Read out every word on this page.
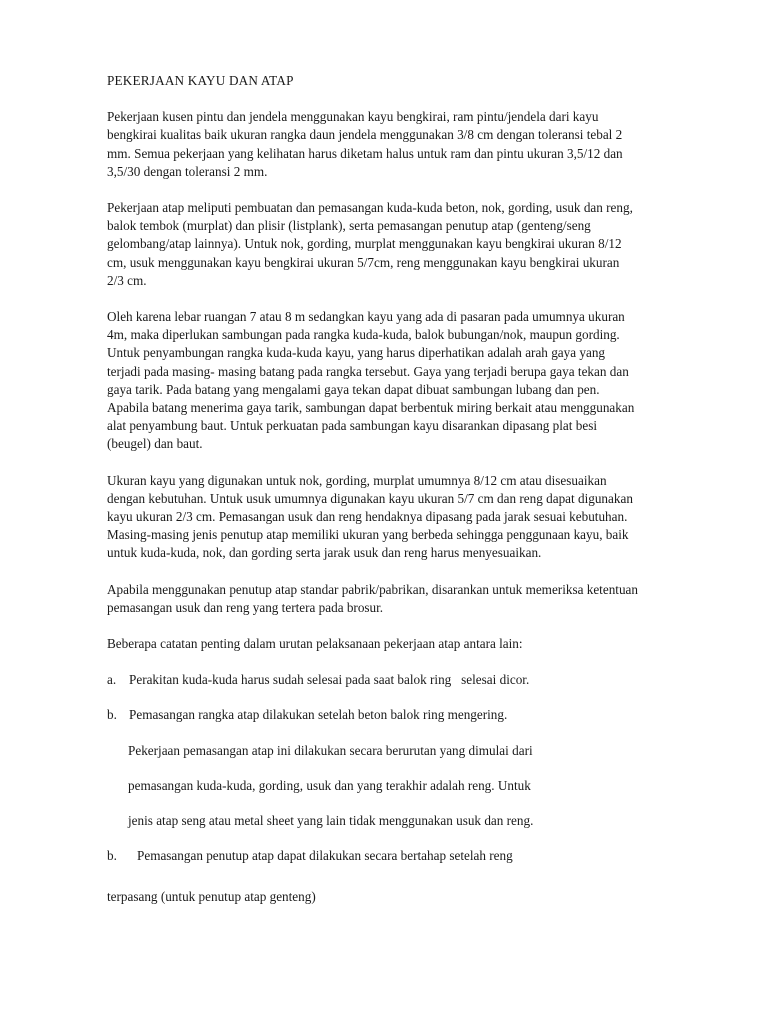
PEKERJAAN KAYU DAN ATAP
Pekerjaan kusen pintu dan jendela menggunakan kayu bengkirai, ram pintu/jendela dari kayu
bengkirai kualitas baik ukuran rangka daun jendela menggunakan 3/8 cm dengan toleransi tebal 2
mm. Semua pekerjaan yang kelihatan harus diketam halus untuk ram dan pintu ukuran 3,5/12 dan
3,5/30 dengan toleransi 2 mm.
Pekerjaan atap meliputi pembuatan dan pemasangan kuda-kuda beton, nok, gording, usuk dan reng,
balok tembok (murplat) dan plisir (listplank), serta pemasangan penutup atap (genteng/seng
gelombang/atap lainnya). Untuk nok, gording, murplat menggunakan kayu bengkirai ukuran 8/12
cm, usuk menggunakan kayu bengkirai ukuran 5/7cm, reng menggunakan kayu bengkirai ukuran
2/3 cm.
Oleh karena lebar ruangan 7 atau 8 m sedangkan kayu yang ada di pasaran pada umumnya ukuran
4m, maka diperlukan sambungan pada rangka kuda-kuda, balok bubungan/nok, maupun gording.
Untuk penyambungan rangka kuda-kuda kayu, yang harus diperhatikan adalah arah gaya yang
terjadi pada masing- masing batang pada rangka tersebut. Gaya yang terjadi berupa gaya tekan dan
gaya tarik. Pada batang yang mengalami gaya tekan dapat dibuat sambungan lubang dan pen.
Apabila batang menerima gaya tarik, sambungan dapat berbentuk miring berkait atau menggunakan
alat penyambung baut. Untuk perkuatan pada sambungan kayu disarankan dipasang plat besi
(beugel) dan baut.
Ukuran kayu yang digunakan untuk nok, gording, murplat umumnya 8/12 cm atau disesuaikan
dengan kebutuhan. Untuk usuk umumnya digunakan kayu ukuran 5/7 cm dan reng dapat digunakan
kayu ukuran 2/3 cm. Pemasangan usuk dan reng hendaknya dipasang pada jarak sesuai kebutuhan.
Masing-masing jenis penutup atap memiliki ukuran yang berbeda sehingga penggunaan kayu, baik
untuk kuda-kuda, nok, dan gording serta jarak usuk dan reng harus menyesuaikan.
Apabila menggunakan penutup atap standar pabrik/pabrikan, disarankan untuk memeriksa ketentuan
pemasangan usuk dan reng yang tertera pada brosur.
Beberapa catatan penting dalam urutan pelaksanaan pekerjaan atap antara lain:
a. Perakitan kuda-kuda harus sudah selesai pada saat balok ring   selesai dicor.
b. Pemasangan rangka atap dilakukan setelah beton balok ring mengering.
Pekerjaan pemasangan atap ini dilakukan secara berurutan yang dimulai dari
pemasangan kuda-kuda, gording, usuk dan yang terakhir adalah reng. Untuk
jenis atap seng atau metal sheet yang lain tidak menggunakan usuk dan reng.
b. Pemasangan penutup atap dapat dilakukan secara bertahap setelah reng
terpasang (untuk penutup atap genteng)
